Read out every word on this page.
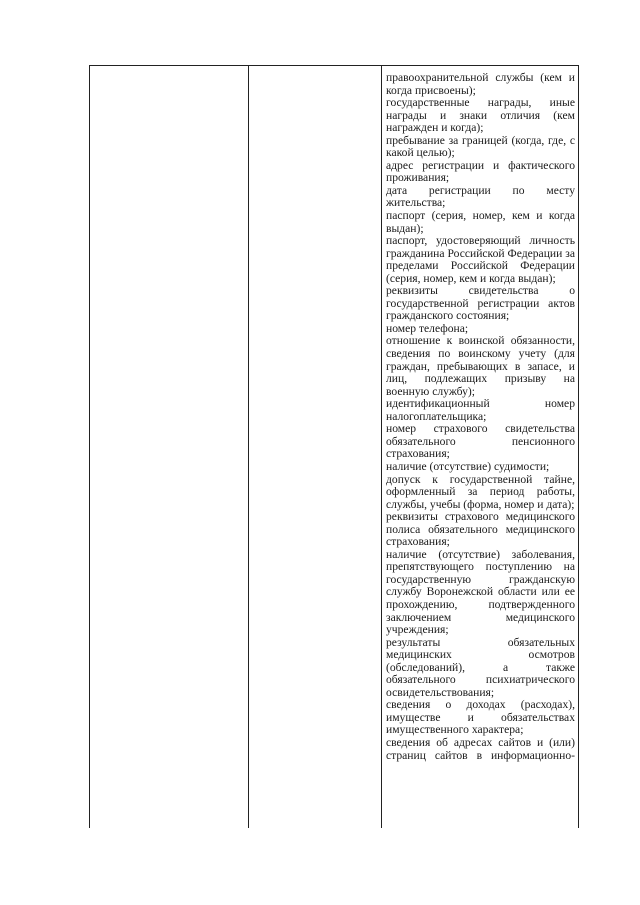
правоохранительной службы (кем и когда присвоены);

государственные награды, иные награды и знаки отличия (кем награжден и когда);

пребывание за границей (когда, где, с какой целью);

адрес регистрации и фактического проживания;

дата регистрации по месту жительства;

паспорт (серия, номер, кем и когда выдан);

паспорт, удостоверяющий личность гражданина Российской Федерации за пределами Российской Федерации (серия, номер, кем и когда выдан);

реквизиты свидетельства о государственной регистрации актов гражданского состояния;

номер телефона;

отношение к воинской обязанности, сведения по воинскому учету (для граждан, пребывающих в запасе, и лиц, подлежащих призыву на военную службу);

идентификационный номер налогоплательщика;

номер страхового свидетельства обязательного пенсионного страхования;

наличие (отсутствие) судимости;

допуск к государственной тайне, оформленный за период работы, службы, учебы (форма, номер и дата);

реквизиты страхового медицинского полиса обязательного медицинского страхования;

наличие (отсутствие) заболевания, препятствующего поступлению на государственную гражданскую службу Воронежской области или ее прохождению, подтвержденного заключением медицинского учреждения;

результаты обязательных медицинских осмотров (обследований), а также обязательного психиатрического освидетельствования;

сведения о доходах (расходах), имуществе и обязательствах имущественного характера;

сведения об адресах сайтов и (или) страниц сайтов в информационно-
